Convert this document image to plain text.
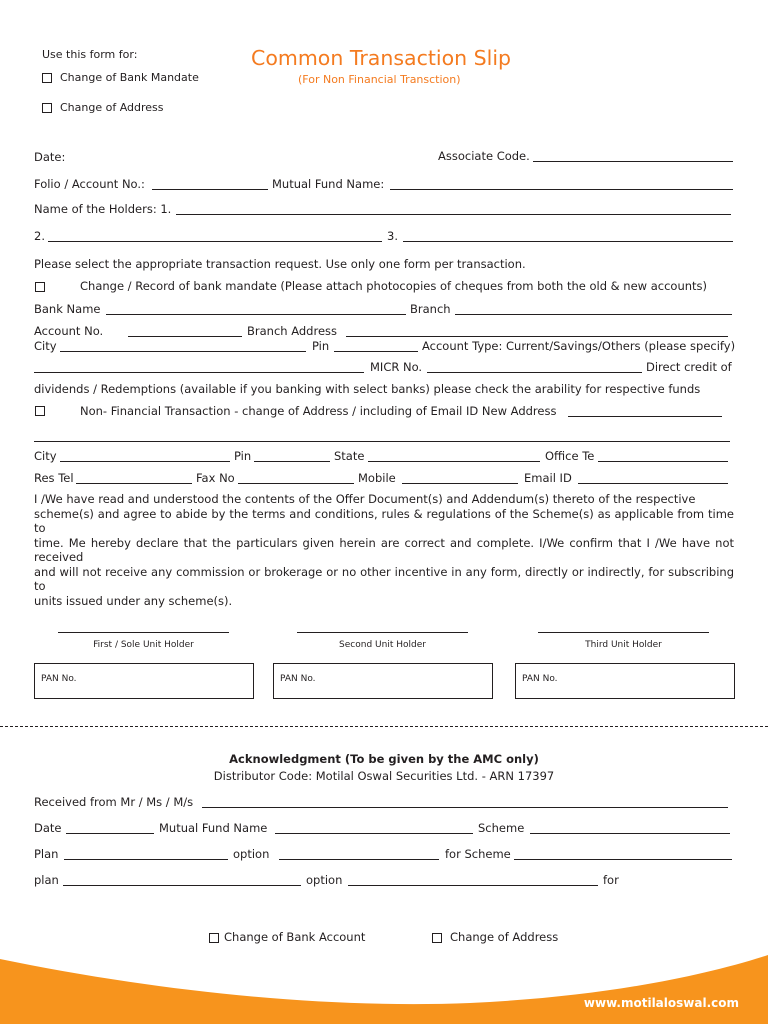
Use this form for:
Change of Bank Mandate
Change of Address
Common Transaction Slip
(For Non Financial Transction)
Date:	Associate Code.
Folio / Account No.:	Mutual Fund Name:
Name of the Holders: 1.
2.	3.
Please select the appropriate transaction request. Use only one form per transaction.
Change / Record of bank mandate (Please attach photocopies of cheques from both the old & new accounts)
Bank Name	Branch
Account No.	Branch Address
City	Pin	Account Type: Current/Savings/Others (please specify)
MICR No.	Direct credit of
dividends / Redemptions (available if you banking with select banks) please check the arability for respective funds
Non- Financial Transaction - change of Address / including of Email ID New Address
City	Pin	State	Office Te
Res Tel	Fax No	Mobile	Email ID
I /We have read and understood the contents of the Offer Document(s) and Addendum(s) thereto of the respective
scheme(s) and agree to abide by the terms and conditions, rules & regulations of the Scheme(s) as applicable from time to
time. Me hereby declare that the particulars given herein are correct and complete. I/We confirm that I /We have not received
and will not receive any commission or brokerage or no other incentive in any form, directly or indirectly, for subscribing to
units issued under any scheme(s).
First / Sole Unit Holder	Second Unit Holder	Third Unit Holder
PAN No.	PAN No.	PAN No.
Acknowledgment (To be given by the AMC only)
Distributor Code: Motilal Oswal Securities Ltd. - ARN 17397
Received from Mr / Ms / M/s
Date	Mutual Fund Name	Scheme
Plan	option	for Scheme
plan	option	for
Change of Bank Account	Change of Address
www.motilaloswal.com
